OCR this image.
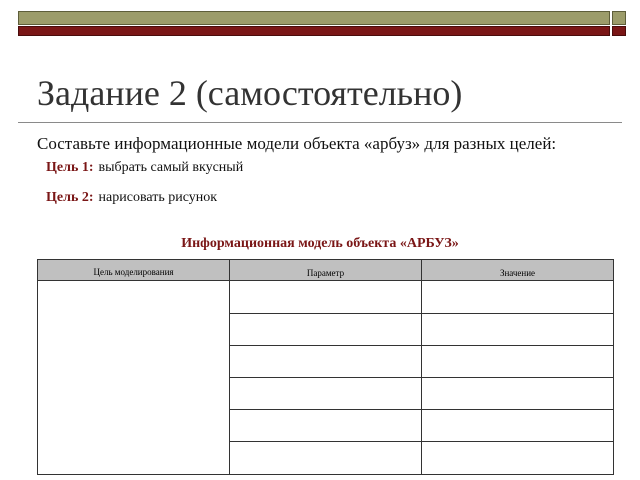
Задание 2 (самостоятельно)
Составьте информационные модели объекта «арбуз» для разных целей:
Цель 1: выбрать самый вкусный
Цель 2: нарисовать рисунок
Информационная модель объекта «АРБУЗ»
Цель моделирования	Параметр	Значение
